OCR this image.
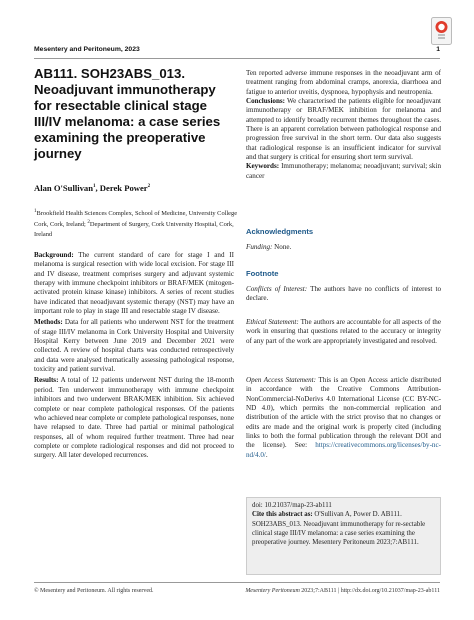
Mesentery and Peritoneum, 2023	1
AB111. SOH23ABS_013. Neoadjuvant immunotherapy for resectable clinical stage III/IV melanoma: a case series examining the preoperative journey
Alan O'Sullivan$^1$, Derek Power$^2$
$^1$Brookfield Health Sciences Complex, School of Medicine, University College Cork, Cork, Ireland; $^2$Department of Surgery, Cork University Hospital, Cork, Ireland

Background: The current standard of care for stage I and II melanoma is surgical resection with wide local excision. For stage III and IV disease, treatment comprises surgery and adjuvant systemic therapy with immune checkpoint inhibitors or BRAF/MEK (mitogen-activated protein kinase kinase) inhibitors. A series of recent studies have indicated that neoadjuvant systemic therapy (NST) may have an important role to play in stage III and resectable stage IV disease.

Methods: Data for all patients who underwent NST for the treatment of stage III/IV melanoma in Cork University Hospital and University Hospital Kerry between June 2019 and December 2021 were collected. A review of hospital charts was conducted retrospectively and data were analysed thematically assessing pathological response, toxicity and patient survival.

Results: A total of 12 patients underwent NST during the 18-month period. Ten underwent immunotherapy with immune checkpoint inhibitors and two underwent BRAK/MEK inhibition. Six achieved complete or near complete pathological responses. Of the patients who achieved near complete or complete pathological responses, none have relapsed to date. Three had partial or minimal pathological responses, all of whom required further treatment. Three had near complete or complete radiological responses and did not proceed to surgery. All later developed recurrences.

Ten reported adverse immune responses in the neoadjuvant arm of treatment ranging from abdominal cramps, anorexia, diarrhoea and fatigue to anterior uveitis, dyspnoea, hypophysis and neutropenia.

Conclusions: We characterised the patients eligible for neoadjuvant immunotherapy or BRAF/MEK inhibition for melanoma and attempted to identify broadly recurrent themes throughout the cases. There is an apparent correlation between pathological response and progression free survival in the short term. Our data also suggests that radiological response is an insufficient indicator for survival and that surgery is critical for ensuring short term survival.

Keywords: Immunotherapy; melanoma; neoadjuvant; survival; skin cancer

Acknowledgments
Funding: None.
Footnote
Conflicts of Interest: The authors have no conflicts of interest to declare.
Ethical Statement: The authors are accountable for all aspects of the work in ensuring that questions related to the accuracy or integrity of any part of the work are appropriately investigated and resolved.
Open Access Statement: This is an Open Access article distributed in accordance with the Creative Commons Attribution-NonCommercial-NoDerivs 4.0 International License (CC BY-NC-ND 4.0), which permits the non-commercial replication and distribution of the article with the strict proviso that no changes or edits are made and the original work is properly cited (including links to both the formal publication through the relevant DOI and the license). See: https://creativecommons.org/licenses/by-nc-nd/4.0/.
doi: 10.21037/map-23-ab111
Cite this abstract as: O'Sullivan A, Power D. AB111. SOH23ABS_013. Neoadjuvant immunotherapy for re-sectable clinical stage III/IV melanoma: a case series examining the preoperative journey. Mesentery Peritoneum 2023;7:AB111.
© Mesentery and Peritoneum. All rights reserved.	Mesentery Peritoneum 2023;7:AB111 | http://dx.doi.org/10.21037/map-23-ab111
